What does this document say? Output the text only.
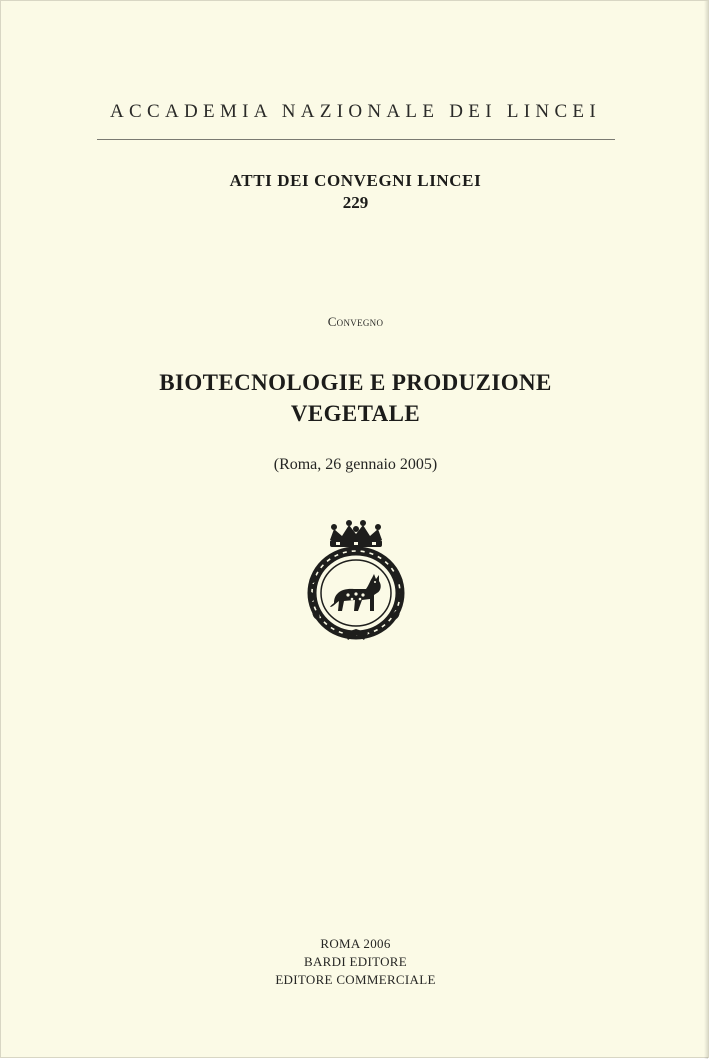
ACCADEMIA NAZIONALE DEI LINCEI
ATTI DEI CONVEGNI LINCEI
229
Convegno
BIOTECNOLOGIE E PRODUZIONE
VEGETALE
(Roma, 26 gennaio 2005)
ROMA 2006
BARDI EDITORE
EDITORE COMMERCIALE
